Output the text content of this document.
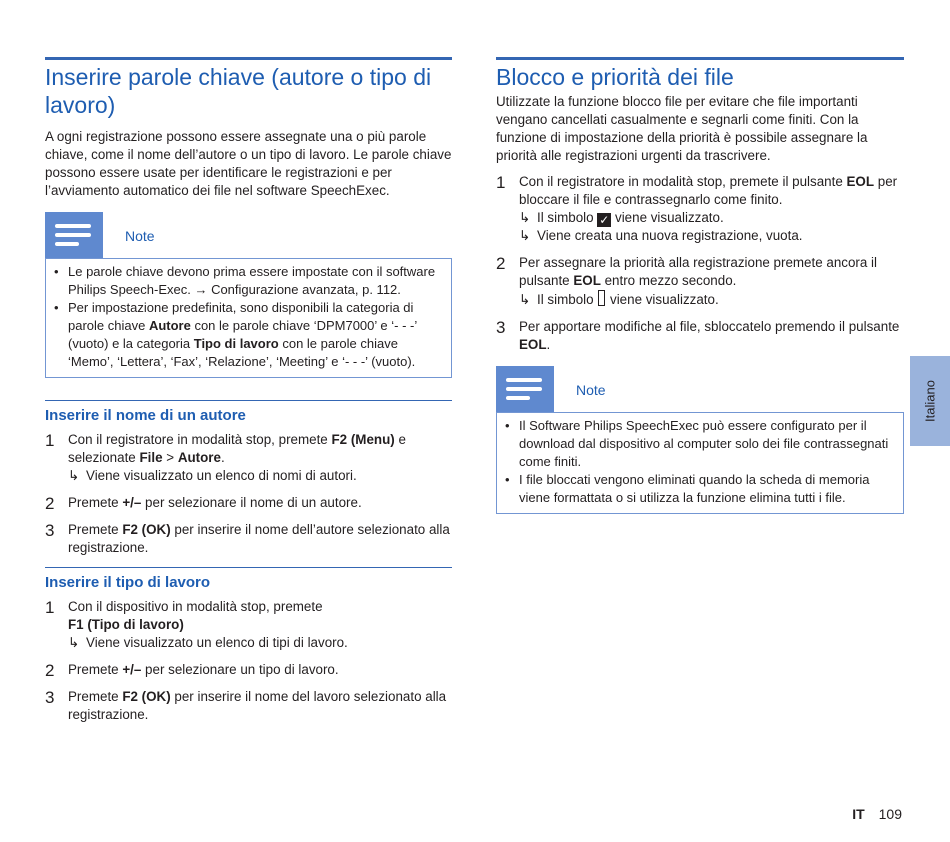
Inserire parole chiave (autore o tipo di lavoro)

A ogni registrazione possono essere assegnate una o più parole chiave, come il nome dell’autore o un tipo di lavoro. Le parole chiave possono essere usate per identificare le registrazioni e per l’avviamento automatico dei file nel software SpeechExec.

Note
• Le parole chiave devono prima essere impostate con il software Philips Speech-Exec. → Configurazione avanzata, p. 112.
• Per impostazione predefinita, sono disponibili la categoria di parole chiave Autore con le parole chiave ‘DPM7000’ e ‘- - -’ (vuoto) e la categoria Tipo di lavoro con le parole chiave ‘Memo’, ‘Lettera’, ‘Fax’, ‘Relazione’, ‘Meeting’ e ‘- - -’ (vuoto).
Inserire il nome di un autore
1 Con il registratore in modalità stop, premete F2 (Menu) e selezionate File > Autore.
↳ Viene visualizzato un elenco di nomi di autori.
2 Premete +/– per selezionare il nome di un autore.
3 Premete F2 (OK) per inserire il nome dell’autore selezionato alla registrazione.
Inserire il tipo di lavoro
1 Con il dispositivo in modalità stop, premete
F1 (Tipo di lavoro)
↳ Viene visualizzato un elenco di tipi di lavoro.
2 Premete +/– per selezionare un tipo di lavoro.
3 Premete F2 (OK) per inserire il nome del lavoro selezionato alla registrazione.
Blocco e priorità dei file

Utilizzate la funzione blocco file per evitare che file importanti vengano cancellati casualmente e segnarli come finiti. Con la funzione di impostazione della priorità è possibile assegnare la priorità alle registrazioni urgenti da trascrivere.

1 Con il registratore in modalità stop, premete il pulsante EOL per bloccare il file e contrassegnarlo come finito.
↳ Il simbolo ✓ viene visualizzato.
↳ Viene creata una nuova registrazione, vuota.
2 Per assegnare la priorità alla registrazione premete ancora il pulsante EOL entro mezzo secondo.
↳ Il simbolo  viene visualizzato.
3 Per apportare modifiche al file, sbloccatelo premendo il pulsante EOL.
Note
• Il Software Philips SpeechExec può essere configurato per il download dal dispositivo al computer solo dei file contrassegnati come finiti.
• I file bloccati vengono eliminati quando la scheda di memoria viene formattata o si utilizza la funzione elimina tutti i file.
Italiano
IT 109
